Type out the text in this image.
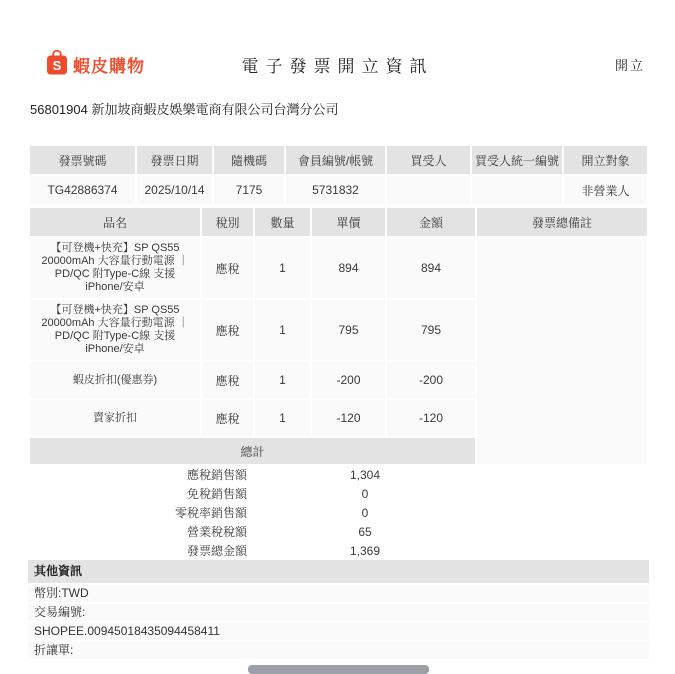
S 蝦皮購物	電子發票開立資訊	開立
56801904 新加坡商蝦皮娛樂電商有限公司台灣分公司
發票號碼	發票日期	隨機碼	會員編號/帳號	買受人	買受人統一編號	開立對象
TG42886374	2025/10/14	7175	5731832			非營業人
品名	稅別	數量	單價	金額	發票總備註
【可登機+快充】SP QS55 20000mAh 大容量行動電源 ｜ PD/QC 附Type-C線 支援 iPhone/安卓	應稅	1	894	894	
【可登機+快充】SP QS55 20000mAh 大容量行動電源 ｜ PD/QC 附Type-C線 支援 iPhone/安卓	應稅	1	795	795	
蝦皮折扣(優惠券)	應稅	1	-200	-200	
賣家折扣	應稅	1	-120	-120	
總計					
應稅銷售額		1,304			
免稅銷售額		0			
零稅率銷售額		0			
營業稅稅額		65			
發票總金額		1,369			
其他資訊
幣別:TWD
交易編號:
SHOPEE.00945018435094458411
折讓單:
